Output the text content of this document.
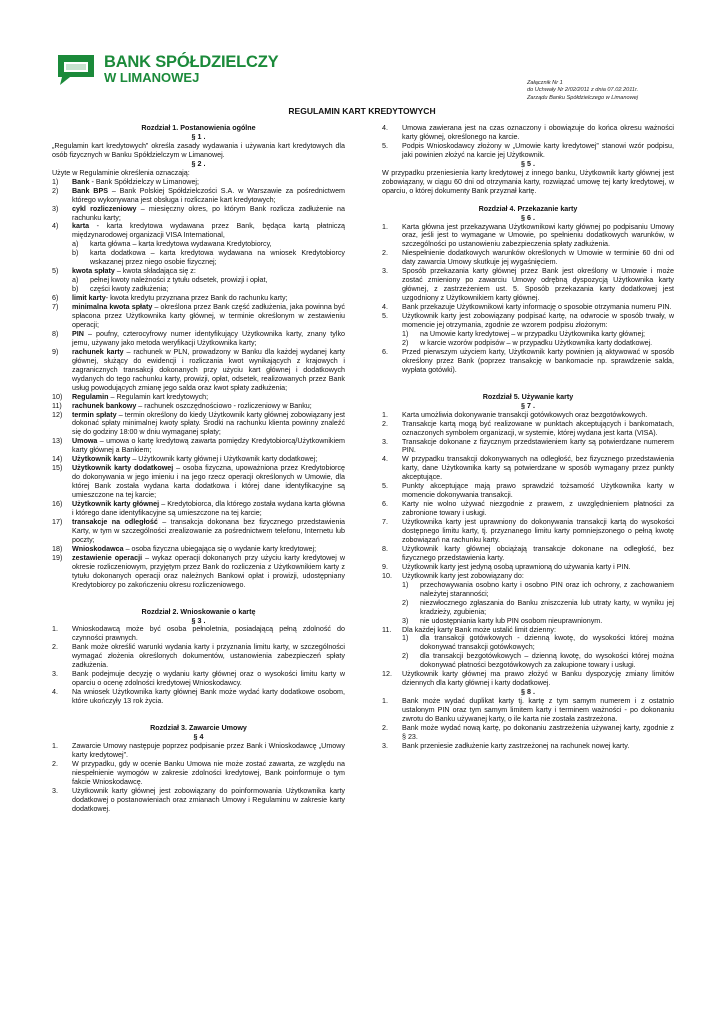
BANK SPÓŁDZIELCZY
W LIMANOWEJ	Załącznik Nr 1
do Uchwały Nr 2/02/2011 z dnia 07.02.2011r.
Zarządu Banku Spółdzielczego w Limanowej
REGULAMIN KART KREDYTOWYCH
Rozdział 1. Postanowienia ogólne
§ 1 .

„Regulamin kart kredytowych” określa zasady wydawania i używania kart kredytowych dla osób fizycznych w Banku Spółdzielczym w Limanowej.

§ 2 .

Użyte w Regulaminie określenia oznaczają:

1)	Bank - Bank Spółdzielczy w Limanowej;
2)	Bank BPS – Bank Polskiej Spółdzielczości S.A. w Warszawie za pośrednictwem którego wykonywana jest obsługa i rozliczanie kart kredytowych;
3)	cykl rozliczeniowy – miesięczny okres, po którym Bank rozlicza zadłużenie na rachunku karty;
4)	karta - karta kredytowa wydawana przez Bank, będąca kartą płatniczą międzynarodowej organizacji VISA International,
a)	karta główna – karta kredytowa wydawana Kredytobiorcy,
b)	karta dodatkowa – karta kredytowa wydawana na wniosek Kredytobiorcy wskazanej przez niego osobie fizycznej;
5)	kwota spłaty – kwota składająca się z:
a)	pełnej kwoty należności z tytułu odsetek, prowizji i opłat,
b)	części kwoty zadłużenia;
6)	limit karty- kwota kredytu przyznana przez Bank do rachunku karty;
7)	minimalna kwota spłaty – określona przez Bank część zadłużenia, jaka powinna być spłacona przez Użytkownika karty głównej, w terminie określonym w zestawieniu operacji;
8)	PIN – poufny, czterocyfrowy numer identyfikujący Użytkownika karty, znany tylko jemu, używany jako metoda weryfikacji Użytkownika karty;
9)	rachunek karty – rachunek w PLN, prowadzony w Banku dla każdej wydanej karty głównej, służący do ewidencji i rozliczania kwot wynikających z krajowych i zagranicznych transakcji dokonanych przy użyciu kart głównej i dodatkowych wydanych do tego rachunku karty, prowizji, opłat, odsetek, realizowanych przez Bank usług powodujących zmianę jego salda oraz kwot spłaty zadłużenia;
10)	Regulamin – Regulamin kart kredytowych;
11)	rachunek bankowy – rachunek oszczędnościowo - rozliczeniowy w Banku;
12)	termin spłaty – termin określony do kiedy Użytkownik karty głównej zobowiązany jest dokonać spłaty minimalnej kwoty spłaty. Środki na rachunku klienta powinny znaleźć się do godziny 18:00 w dniu wymaganej spłaty;
13)	Umowa – umowa o kartę kredytową zawarta pomiędzy Kredytobiorcą/Użytkownikiem karty głównej a Bankiem;
14)	Użytkownik karty – Użytkownik karty głównej i Użytkownik karty dodatkowej;
15)	Użytkownik karty dodatkowej – osoba fizyczna, upoważniona przez Kredytobiorcę do dokonywania w jego imieniu i na jego rzecz operacji określonych w Umowie, dla której Bank została wydana karta dodatkowa i której dane identyfikacyjne są umieszczone na tej karcie;
16)	Użytkownik karty głównej – Kredytobiorca, dla którego została wydana karta główna i którego dane identyfikacyjne są umieszczone na tej karcie;
17)	transakcje na odległość – transakcja dokonana bez fizycznego przedstawienia Karty, w tym w szczególności zrealizowanie za pośrednictwem telefonu, Internetu lub poczty;
18)	Wnioskodawca – osoba fizyczna ubiegająca się o wydanie karty kredytowej;
19)	zestawienie operacji – wykaz operacji dokonanych przy użyciu karty kredytowej w okresie rozliczeniowym, przyjętym przez Bank do rozliczenia z Użytkownikiem karty z tytułu dokonanych operacji oraz należnych Bankowi opłat i prowizji, udostępniany Kredytobiorcy po zakończeniu okresu rozliczeniowego.
Rozdział 2. Wnioskowanie o kartę
§ 3 .
1.	Wnioskodawcą może być osoba pełnoletnia, posiadającą pełną zdolność do czynności prawnych.
2.	Bank może określić warunki wydania karty i przyznania limitu karty, w szczególności wymagać złożenia określonych dokumentów, ustanowienia zabezpieczeń spłaty zadłużenia.
3.	Bank podejmuje decyzję o wydaniu karty głównej oraz o wysokości limitu karty w oparciu o ocenę zdolności kredytowej Wnioskodawcy.
4.	Na wniosek Użytkownika karty głównej Bank może wydać karty dodatkowe osobom, które ukończyły 13 rok życia.
Rozdział 3. Zawarcie Umowy
§ 4
1.	Zawarcie Umowy następuje poprzez podpisanie przez Bank i Wnioskodawcę „Umowy karty kredytowej”.
2.	W przypadku, gdy w ocenie Banku Umowa nie może zostać zawarta, ze względu na niespełnienie wymogów w zakresie zdolności kredytowej, Bank poinformuje o tym fakcie Wnioskodawcę.
3.	Użytkownik karty głównej jest zobowiązany do poinformowania Użytkownika karty dodatkowej o postanowieniach oraz zmianach Umowy i Regulaminu w zakresie karty dodatkowej.
4.	Umowa zawierana jest na czas oznaczony i obowiązuje do końca okresu ważności karty głównej, określonego na karcie.
5.	Podpis Wnioskodawcy złożony w „Umowie karty kredytowej” stanowi wzór podpisu, jaki powinien złożyć na karcie jej Użytkownik.
§ 5 .

W przypadku przeniesienia karty kredytowej z innego banku, Użytkownik karty głównej jest zobowiązany, w ciągu 60 dni od otrzymania karty, rozwiązać umowę tej karty kredytowej, w oparciu, o której dokumenty Bank przyznał kartę.

Rozdział 4. Przekazanie karty
§ 6 .
1.	Karta główna jest przekazywana Użytkownikowi karty głównej po podpisaniu Umowy oraz, jeśli jest to wymagane w Umowie, po spełnieniu dodatkowych warunków, w szczególności po ustanowieniu zabezpieczenia spłaty zadłużenia.
2.	Niespełnienie dodatkowych warunków określonych w Umowie w terminie 60 dni od daty zawarcia Umowy skutkuje jej wygaśnięciem.
3.	Sposób przekazania karty głównej przez Bank jest określony w Umowie i może zostać zmieniony po zawarciu Umowy odrębną dyspozycją Użytkownika karty głównej, z zastrzeżeniem ust. 5. Sposób przekazania karty dodatkowej jest uzgodniony z Użytkownikiem karty głównej.
4.	Bank przekazuje Użytkownikowi karty informację o sposobie otrzymania numeru PIN.
5.	Użytkownik karty jest zobowiązany podpisać kartę, na odwrocie w sposób trwały, w momencie jej otrzymania, zgodnie ze wzorem podpisu złożonym:
1)	na Umowie karty kredytowej – w przypadku Użytkownika karty głównej;
2)	w karcie wzorów podpisów – w przypadku Użytkownika karty dodatkowej.
6.	Przed pierwszym użyciem karty, Użytkownik karty powinien ją aktywować w sposób określony przez Bank (poprzez transakcję w bankomacie np. sprawdzenie salda, wypłata gotówki).
Rozdział 5. Używanie karty
§ 7 .
1.	Karta umożliwia dokonywanie transakcji gotówkowych oraz bezgotówkowych.
2.	Transakcje kartą mogą być realizowane w punktach akceptujących i bankomatach, oznaczonych symbolem organizacji, w systemie, której wydana jest karta (VISA).
3.	Transakcje dokonane z fizycznym przedstawieniem karty są potwierdzane numerem PIN.
4.	W przypadku transakcji dokonywanych na odległość, bez fizycznego przedstawienia karty, dane Użytkownika karty są potwierdzane w sposób wymagany przez punkty akceptujące.
5.	Punkty akceptujące mają prawo sprawdzić tożsamość Użytkownika karty w momencie dokonywania transakcji.
6.	Karty nie wolno używać niezgodnie z prawem, z uwzględnieniem płatności za zabronione towary i usługi.
7.	Użytkownika karty jest uprawniony do dokonywania transakcji kartą do wysokości dostępnego limitu karty, tj. przyznanego limitu karty pomniejszonego o pełną kwotę zobowiązań na rachunku karty.
8.	Użytkownik karty głównej obciążają transakcje dokonane na odległość, bez fizycznego przedstawienia karty.
9.	Użytkownik karty jest jedyną osobą uprawnioną do używania karty i PIN.
10.	Użytkownik karty jest zobowiązany do:
1)	przechowywania osobno karty i osobno PIN oraz ich ochrony, z zachowaniem należytej staranności;
2)	niezwłocznego zgłaszania do Banku zniszczenia lub utraty karty, w wyniku jej kradzieży, zgubienia;
3)	nie udostępniania karty lub PIN osobom nieuprawnionym.
11.	Dla każdej karty Bank może ustalić limit dzienny:
1)	dla transakcji gotówkowych - dzienną kwotę, do wysokości której można dokonywać transakcji gotówkowych;
2)	dla transakcji bezgotówkowych – dzienną kwotę, do wysokości której można dokonywać płatności bezgotówkowych za zakupione towary i usługi.
12.	Użytkownik karty głównej ma prawo złożyć w Banku dyspozycję zmiany limitów dziennych dla karty głównej i karty dodatkowej.
§ 8 .
1.	Bank może wydać duplikat karty tj. kartę z tym samym numerem i z ostatnio ustalonym PIN oraz tym samym limitem karty i terminem ważności - po dokonaniu zwrotu do Banku używanej karty, o ile karta nie została zastrzeżona.
2.	Bank może wydać nową kartę, po dokonaniu zastrzeżenia używanej karty, zgodnie z § 23.
3.	Bank przeniesie zadłużenie karty zastrzeżonej na rachunek nowej karty.
